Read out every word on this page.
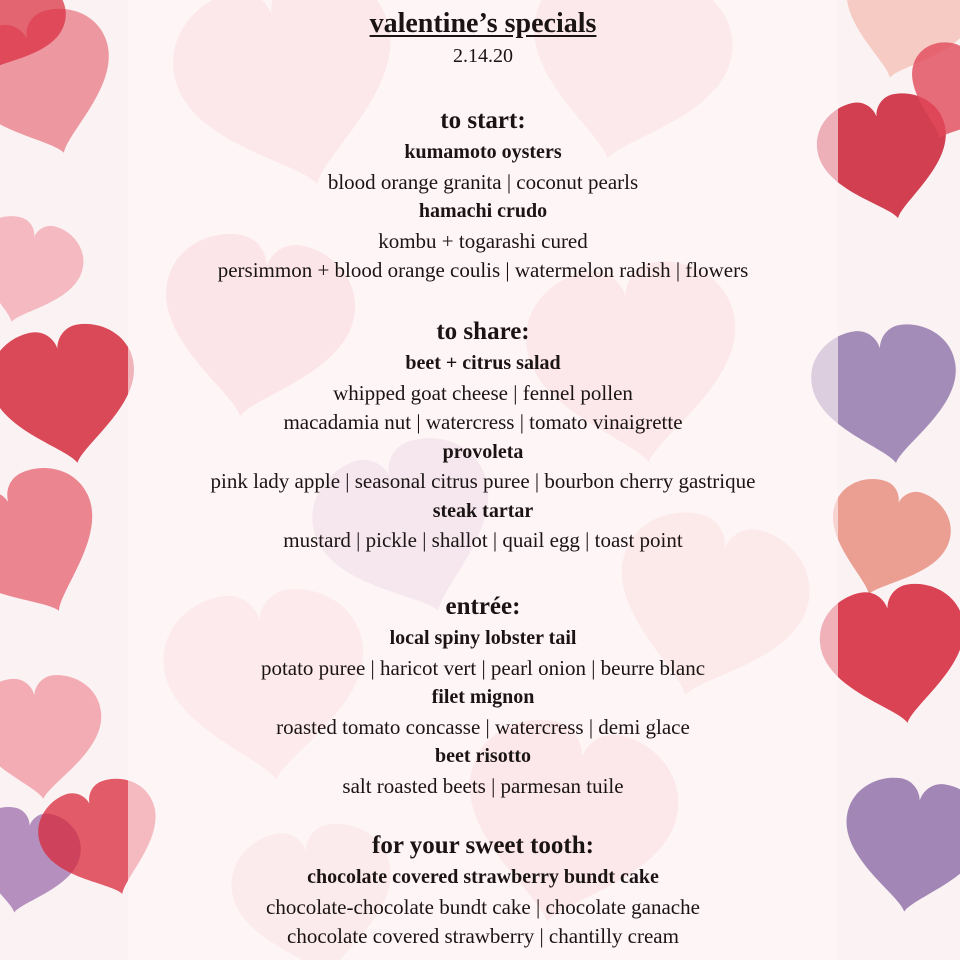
valentine’s specials
2.14.20
to start:
kumamoto oysters
blood orange granita | coconut pearls
hamachi crudo
kombu + togarashi cured
persimmon + blood orange coulis | watermelon radish | flowers
to share:
beet + citrus salad
whipped goat cheese | fennel pollen
macadamia nut | watercress | tomato vinaigrette
provoleta
pink lady apple | seasonal citrus puree | bourbon cherry gastrique
steak tartar
mustard | pickle | shallot | quail egg | toast point
entrée:
local spiny lobster tail
potato puree | haricot vert | pearl onion | beurre blanc
filet mignon
roasted tomato concasse | watercress | demi glace
beet risotto
salt roasted beets | parmesan tuile
for your sweet tooth:
chocolate covered strawberry bundt cake
chocolate-chocolate bundt cake | chocolate ganache
chocolate covered strawberry | chantilly cream
